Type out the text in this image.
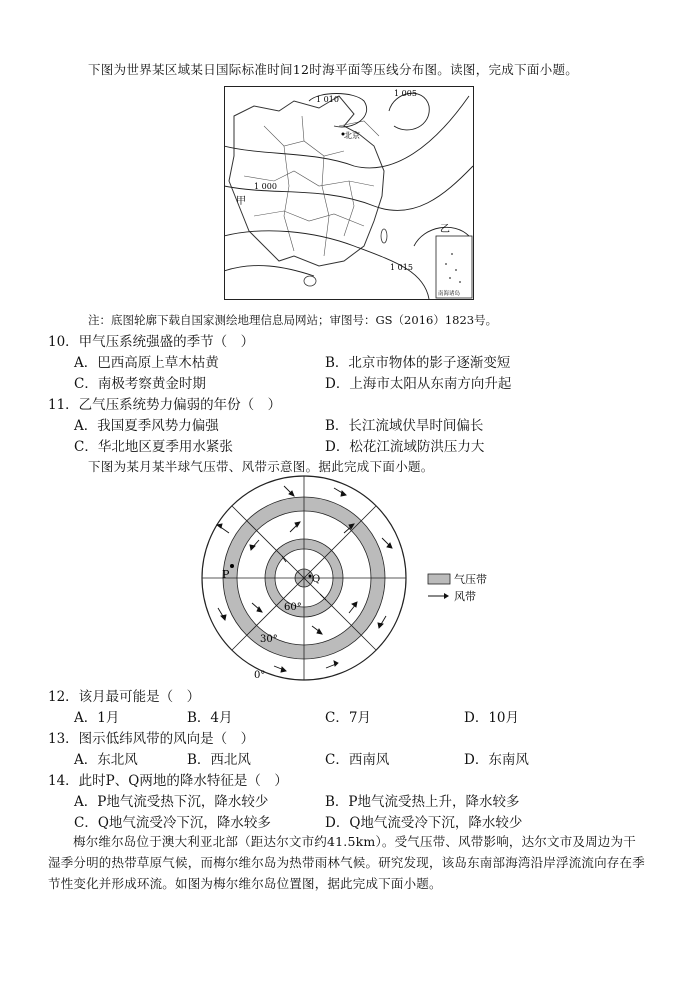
下图为世界某区域某日国际标准时间12时海平面等压线分布图。读图，完成下面小题。
1 005
1 010
1 000
1 015
北京
甲
乙
南海诸岛
注：底图轮廓下载自国家测绘地理信息局网站；审图号：GS（2016）1823号。
10．甲气压系统强盛的季节（　）
A．巴西高原上草木枯黄	B．北京市物体的影子逐渐变短
C．南极考察黄金时期	D．上海市太阳从东南方向升起
11．乙气压系统势力偏弱的年份（　）
A．我国夏季风势力偏强	B．长江流域伏旱时间偏长
C．华北地区夏季用水紧张	D．松花江流域防洪压力大
下图为某月某半球气压带、风带示意图。据此完成下面小题。
P	Q
60°
30°
0°
气压带
风带
12．该月最可能是（　）
A．1月	B．4月	C．7月	D．10月
13．图示低纬风带的风向是（　）
A．东北风	B．西北风	C．西南风	D．东南风
14．此时P、Q两地的降水特征是（　）
A．P地气流受热下沉，降水较少	B．P地气流受热上升，降水较多
C．Q地气流受冷下沉，降水较多	D．Q地气流受冷下沉，降水较少
梅尔维尔岛位于澳大利亚北部（距达尔文市约41.5km）。受气压带、风带影响，达尔文市及周边为干湿季分明的热带草原气候，而梅尔维尔岛为热带雨林气候。研究发现，该岛东南部海湾沿岸浮流流向存在季节性变化并形成环流。如图为梅尔维尔岛位置图，据此完成下面小题。
